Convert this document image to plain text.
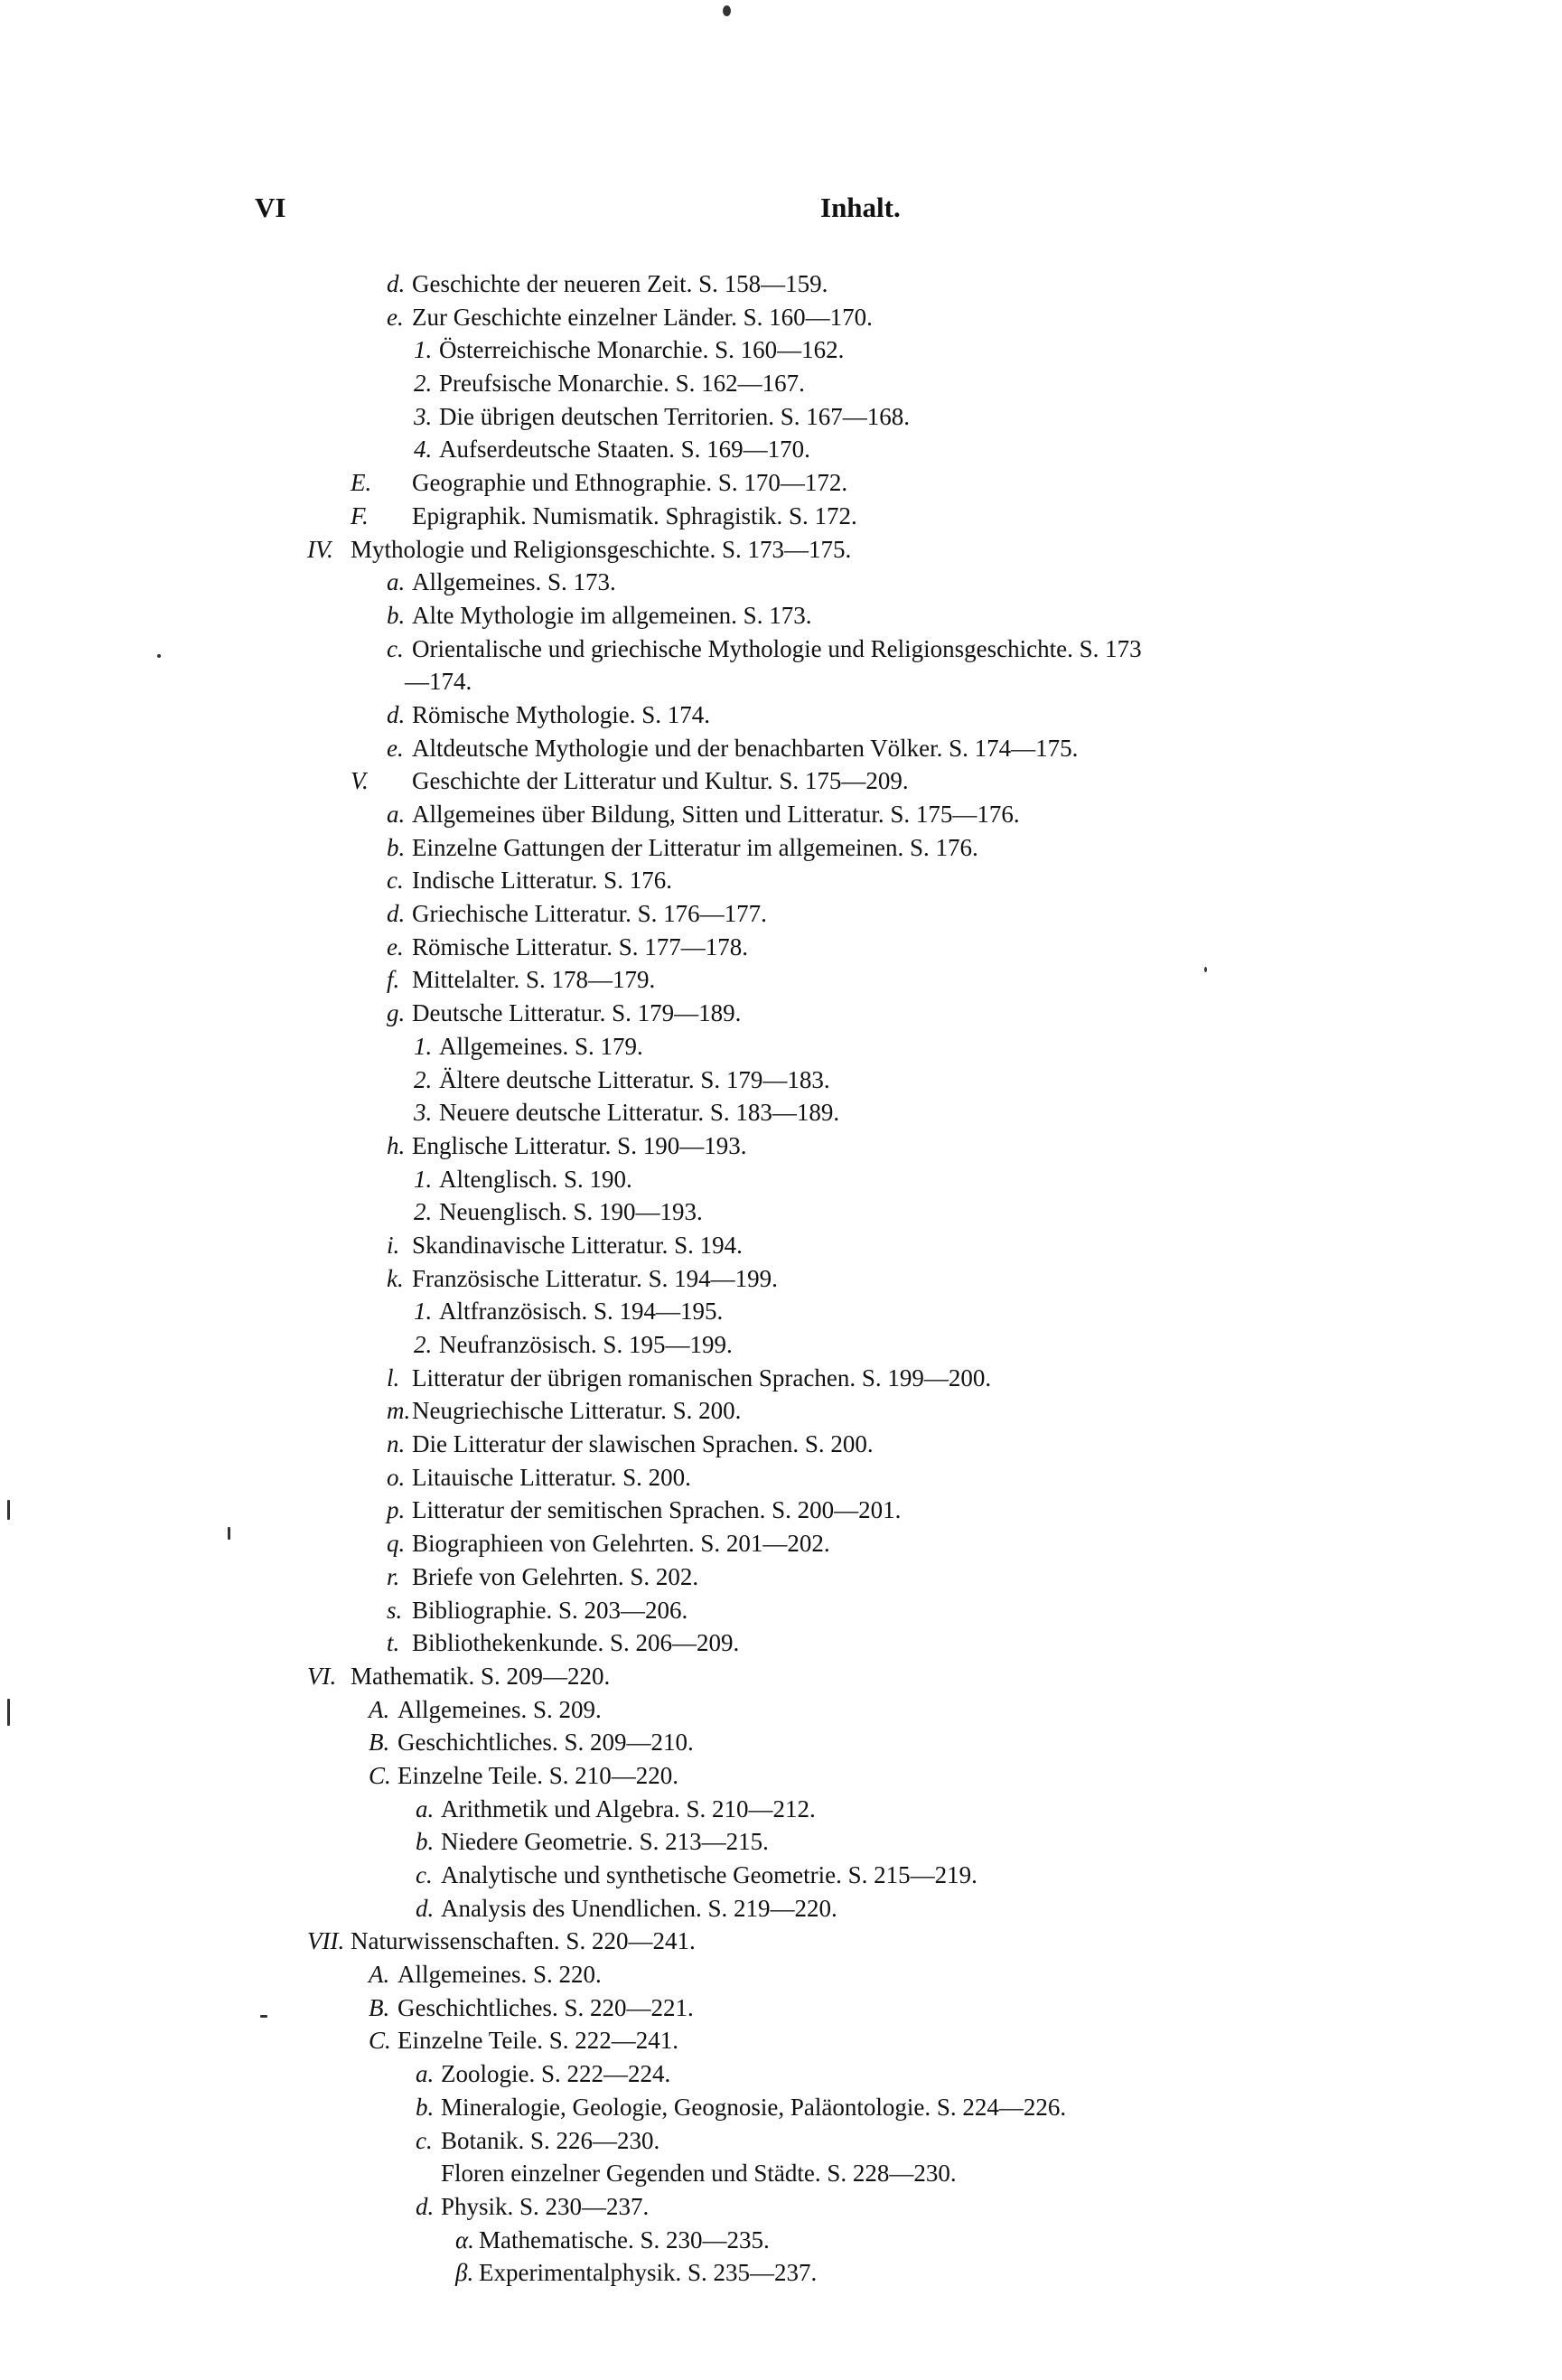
VI	Inhalt.
d. Geschichte der neueren Zeit. S. 158—159.
e. Zur Geschichte einzelner Länder. S. 160—170.
1. Österreichische Monarchie. S. 160—162.
2. Preufsische Monarchie. S. 162—167.
3. Die übrigen deutschen Territorien. S. 167—168.
4. Aufserdeutsche Staaten. S. 169—170.
E. Geographie und Ethnographie. S. 170—172.
F. Epigraphik. Numismatik. Sphragistik. S. 172.
IV. Mythologie und Religionsgeschichte. S. 173—175.
a. Allgemeines. S. 173.
b. Alte Mythologie im allgemeinen. S. 173.
c. Orientalische und griechische Mythologie und Religionsgeschichte. S. 173
—174.
d. Römische Mythologie. S. 174.
e. Altdeutsche Mythologie und der benachbarten Völker. S. 174—175.
V. Geschichte der Litteratur und Kultur. S. 175—209.
a. Allgemeines über Bildung, Sitten und Litteratur. S. 175—176.
b. Einzelne Gattungen der Litteratur im allgemeinen. S. 176.
c. Indische Litteratur. S. 176.
d. Griechische Litteratur. S. 176—177.
e. Römische Litteratur. S. 177—178.
f. Mittelalter. S. 178—179.
g. Deutsche Litteratur. S. 179—189.
1. Allgemeines. S. 179.
2. Ältere deutsche Litteratur. S. 179—183.
3. Neuere deutsche Litteratur. S. 183—189.
h. Englische Litteratur. S. 190—193.
1. Altenglisch. S. 190.
2. Neuenglisch. S. 190—193.
i. Skandinavische Litteratur. S. 194.
k. Französische Litteratur. S. 194—199.
1. Altfranzösisch. S. 194—195.
2. Neufranzösisch. S. 195—199.
l. Litteratur der übrigen romanischen Sprachen. S. 199—200.
m. Neugriechische Litteratur. S. 200.
n. Die Litteratur der slawischen Sprachen. S. 200.
o. Litauische Litteratur. S. 200.
p. Litteratur der semitischen Sprachen. S. 200—201.
q. Biographieen von Gelehrten. S. 201—202.
r. Briefe von Gelehrten. S. 202.
s. Bibliographie. S. 203—206.
t. Bibliothekenkunde. S. 206—209.
VI. Mathematik. S. 209—220.
A. Allgemeines. S. 209.
B. Geschichtliches. S. 209—210.
C. Einzelne Teile. S. 210—220.
a. Arithmetik und Algebra. S. 210—212.
b. Niedere Geometrie. S. 213—215.
c. Analytische und synthetische Geometrie. S. 215—219.
d. Analysis des Unendlichen. S. 219—220.
VII. Naturwissenschaften. S. 220—241.
A. Allgemeines. S. 220.
B. Geschichtliches. S. 220—221.
C. Einzelne Teile. S. 222—241.
a. Zoologie. S. 222—224.
b. Mineralogie, Geologie, Geognosie, Paläontologie. S. 224—226.
c. Botanik. S. 226—230.
Floren einzelner Gegenden und Städte. S. 228—230.
d. Physik. S. 230—237.
α. Mathematische. S. 230—235.
β. Experimentalphysik. S. 235—237.
